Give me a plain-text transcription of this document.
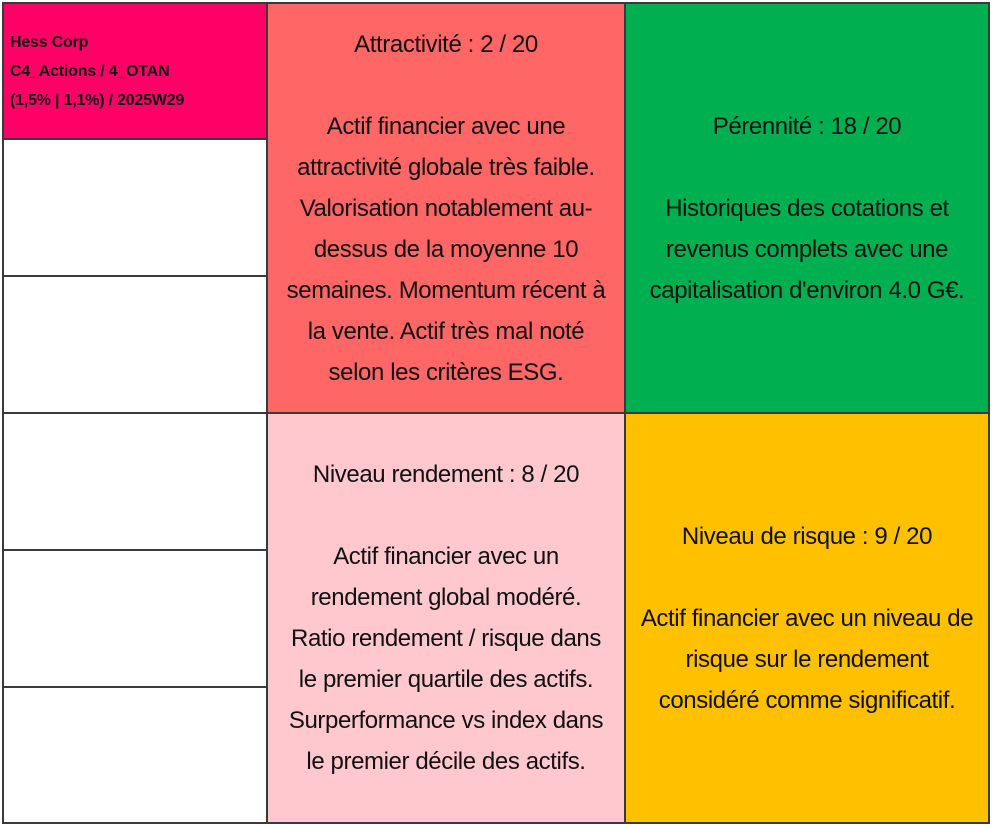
Hess Corp
C4_Actions / 4_OTAN
(1,5% | 1,1%) / 2025W29
Attractivité : 2 / 20
Actif financier avec une
attractivité globale très faible.
Valorisation notablement au-
dessus de la moyenne 10
semaines. Momentum récent à
la vente. Actif très mal noté
selon les critères ESG.
Pérennité : 18 / 20
Historiques des cotations et
revenus complets avec une
capitalisation d'environ 4.0 G€.
Niveau rendement : 8 / 20
Actif financier avec un
rendement global modéré.
Ratio rendement / risque dans
le premier quartile des actifs.
Surperformance vs index dans
le premier décile des actifs.
Niveau de risque : 9 / 20
Actif financier avec un niveau de
risque sur le rendement
considéré comme significatif.
